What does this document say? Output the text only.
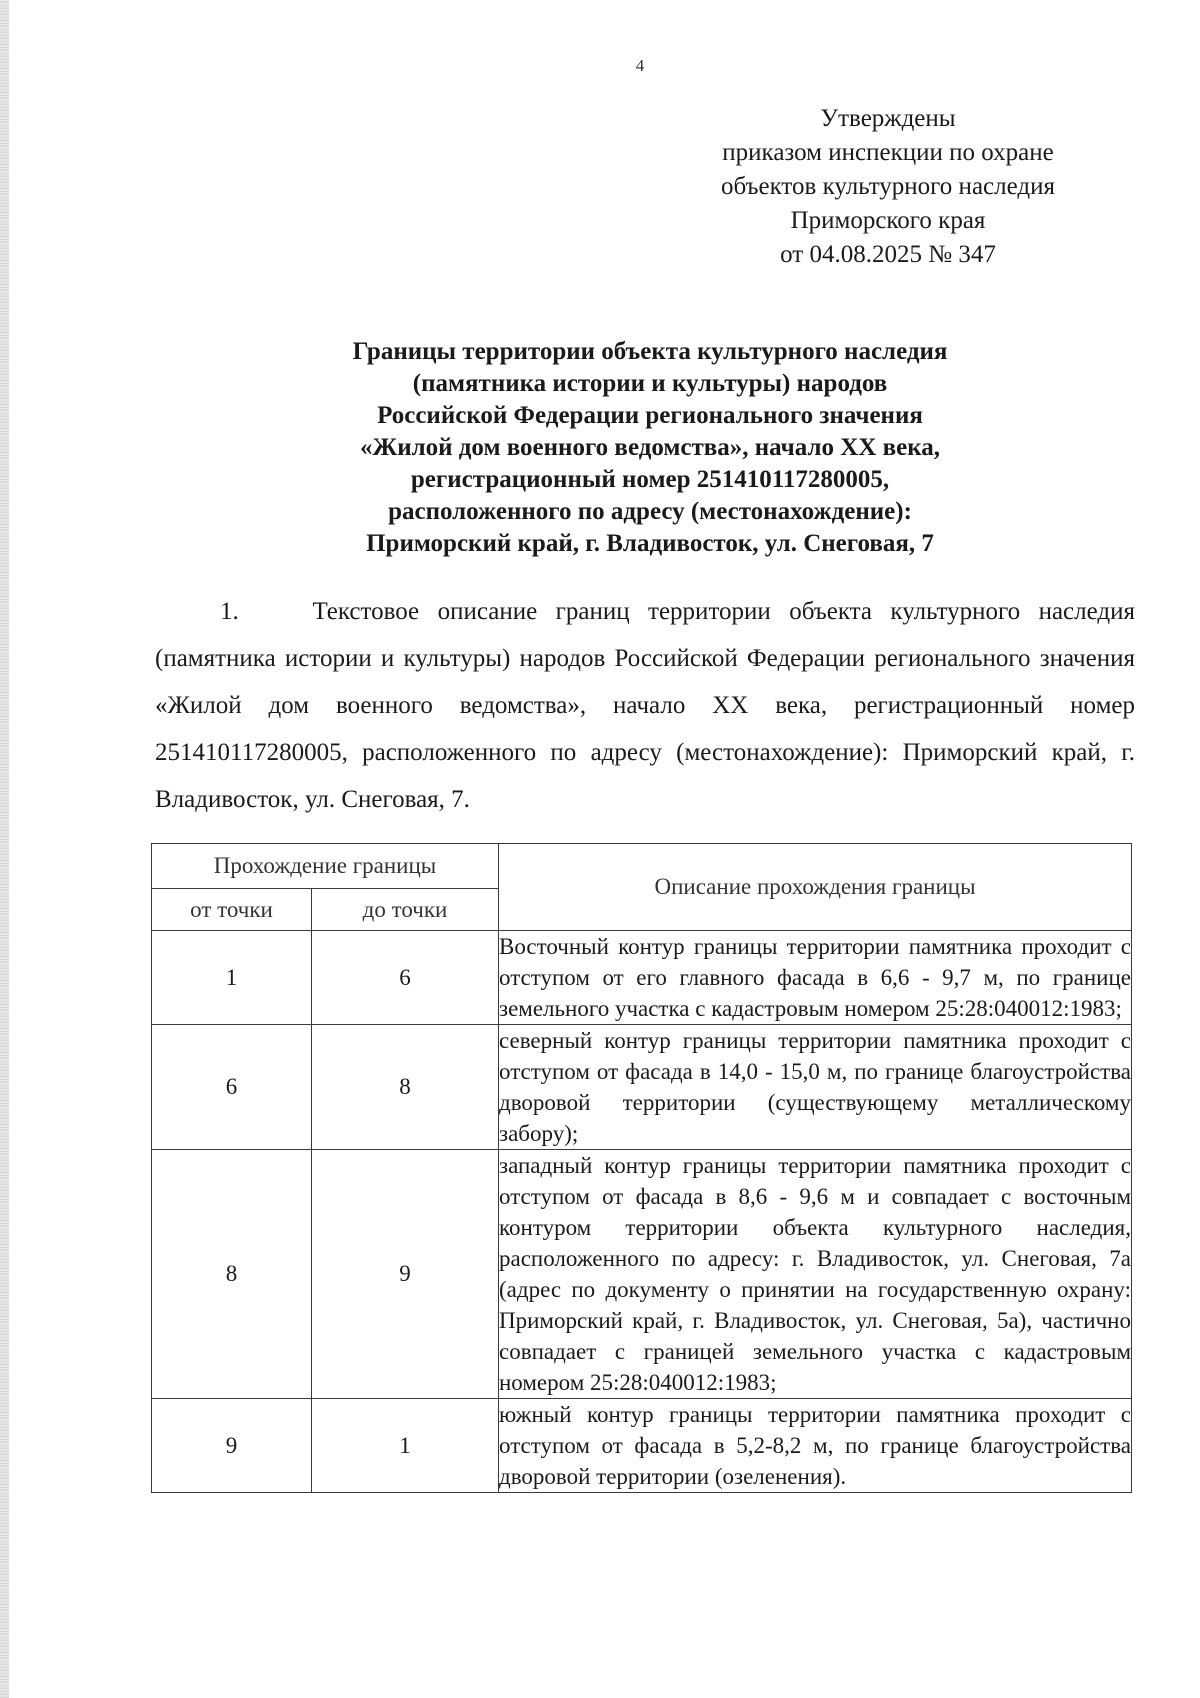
4
Утверждены
приказом инспекции по охране
объектов культурного наследия
Приморского края
от 04.08.2025 № 347
Границы территории объекта культурного наследия
(памятника истории и культуры) народов
Российской Федерации регионального значения
«Жилой дом военного ведомства», начало XX века,
регистрационный номер 251410117280005,
расположенного по адресу (местонахождение):
Приморский край, г. Владивосток, ул. Снеговая, 7
1.    Текстовое описание границ территории объекта культурного наследия (памятника истории и культуры) народов Российской Федерации регионального значения «Жилой дом военного ведомства», начало XX века, регистрационный номер 251410117280005, расположенного по адресу (местонахождение): Приморский край, г. Владивосток, ул. Снеговая, 7.
Прохождение границы		Описание прохождения границы
от точки	до точки	
1	6	Восточный контур границы территории памятника проходит с отступом от его главного фасада в 6,6 - 9,7 м, по границе земельного участка с кадастровым номером 25:28:040012:1983;
6	8	северный контур границы территории памятника проходит с отступом от фасада в 14,0 - 15,0 м, по границе благоустройства дворовой территории (существующему металлическому забору);
8	9	западный контур границы территории памятника проходит с отступом от фасада в 8,6 - 9,6 м и совпадает с восточным контуром территории объекта культурного наследия, расположенного по адресу: г. Владивосток, ул. Снеговая, 7а (адрес по документу о принятии на государственную охрану: Приморский край, г. Владивосток, ул. Снеговая, 5а), частично совпадает с границей земельного участка с кадастровым номером 25:28:040012:1983;
9	1	южный контур границы территории памятника проходит с отступом от фасада в 5,2-8,2 м, по границе благоустройства дворовой территории (озеленения).
